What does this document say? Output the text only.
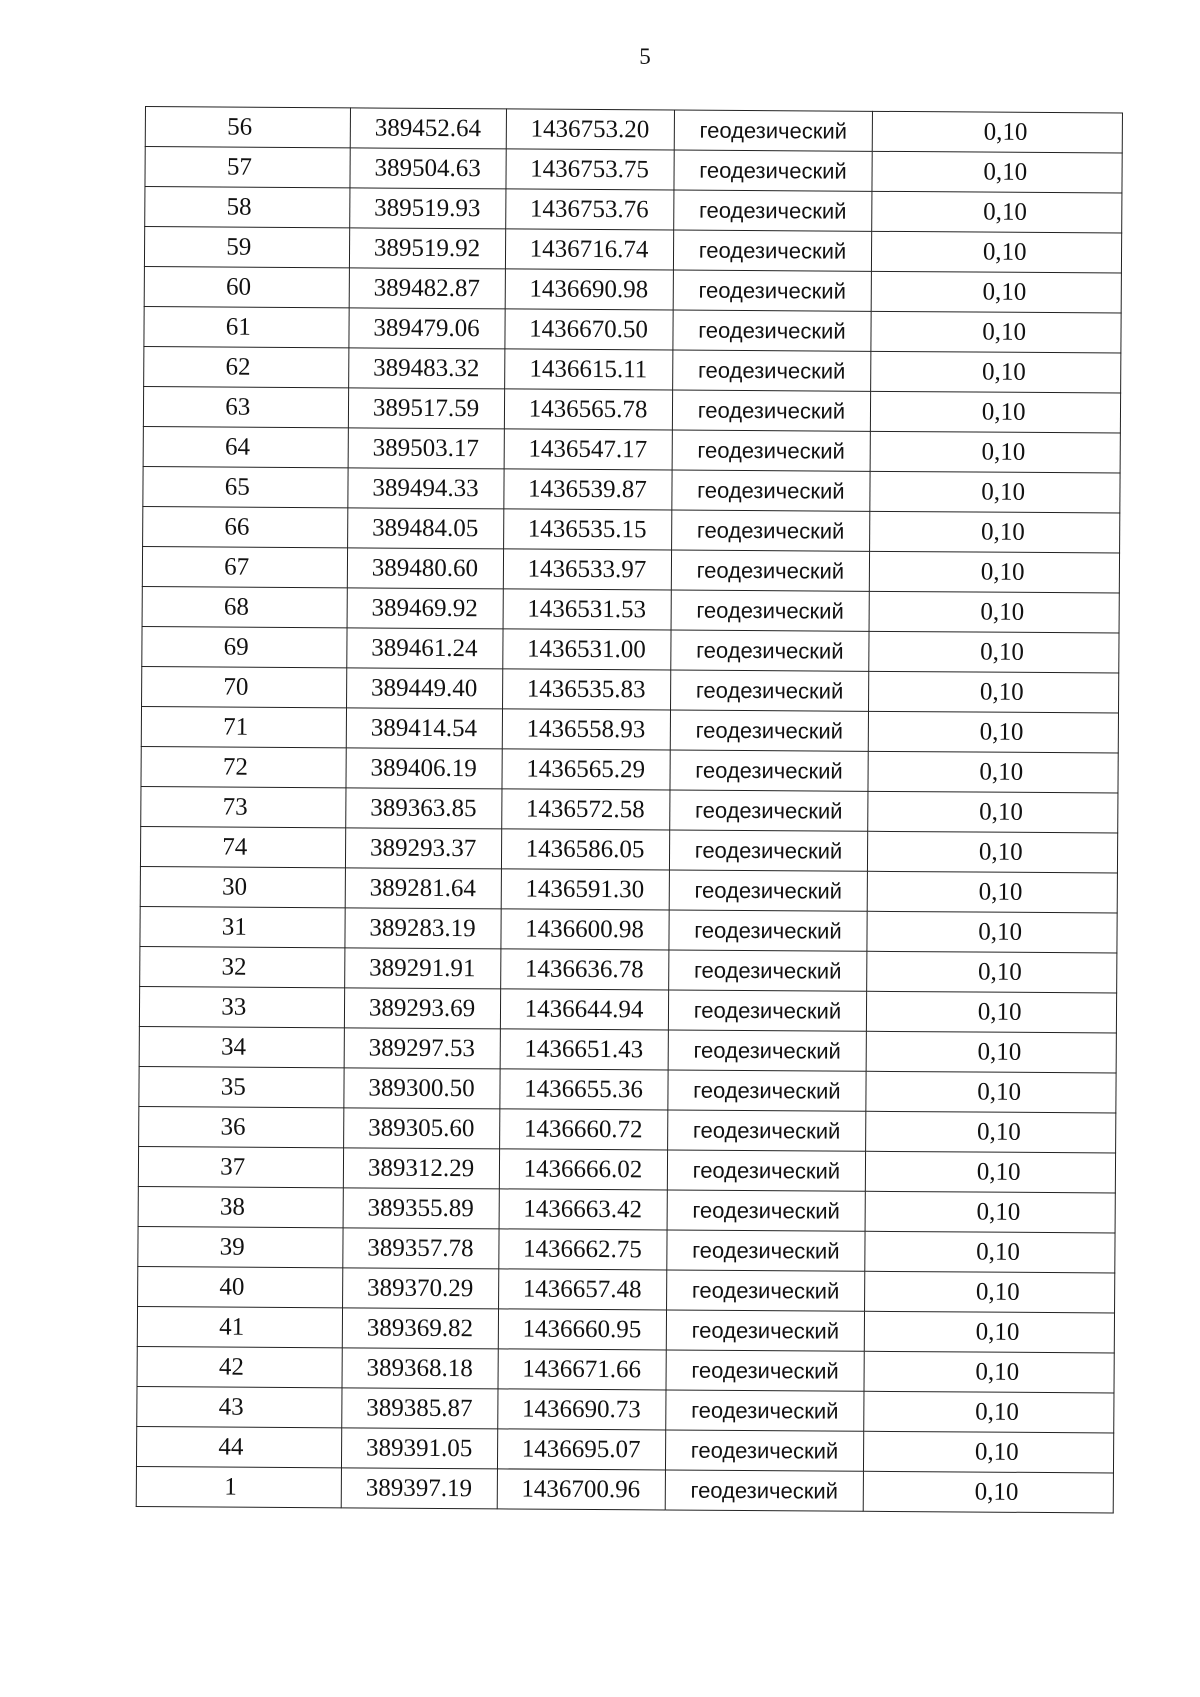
5
56	389452.64	1436753.20	геодезический	0,10
57	389504.63	1436753.75	геодезический	0,10
58	389519.93	1436753.76	геодезический	0,10
59	389519.92	1436716.74	геодезический	0,10
60	389482.87	1436690.98	геодезический	0,10
61	389479.06	1436670.50	геодезический	0,10
62	389483.32	1436615.11	геодезический	0,10
63	389517.59	1436565.78	геодезический	0,10
64	389503.17	1436547.17	геодезический	0,10
65	389494.33	1436539.87	геодезический	0,10
66	389484.05	1436535.15	геодезический	0,10
67	389480.60	1436533.97	геодезический	0,10
68	389469.92	1436531.53	геодезический	0,10
69	389461.24	1436531.00	геодезический	0,10
70	389449.40	1436535.83	геодезический	0,10
71	389414.54	1436558.93	геодезический	0,10
72	389406.19	1436565.29	геодезический	0,10
73	389363.85	1436572.58	геодезический	0,10
74	389293.37	1436586.05	геодезический	0,10
30	389281.64	1436591.30	геодезический	0,10
31	389283.19	1436600.98	геодезический	0,10
32	389291.91	1436636.78	геодезический	0,10
33	389293.69	1436644.94	геодезический	0,10
34	389297.53	1436651.43	геодезический	0,10
35	389300.50	1436655.36	геодезический	0,10
36	389305.60	1436660.72	геодезический	0,10
37	389312.29	1436666.02	геодезический	0,10
38	389355.89	1436663.42	геодезический	0,10
39	389357.78	1436662.75	геодезический	0,10
40	389370.29	1436657.48	геодезический	0,10
41	389369.82	1436660.95	геодезический	0,10
42	389368.18	1436671.66	геодезический	0,10
43	389385.87	1436690.73	геодезический	0,10
44	389391.05	1436695.07	геодезический	0,10
1	389397.19	1436700.96	геодезический	0,10
